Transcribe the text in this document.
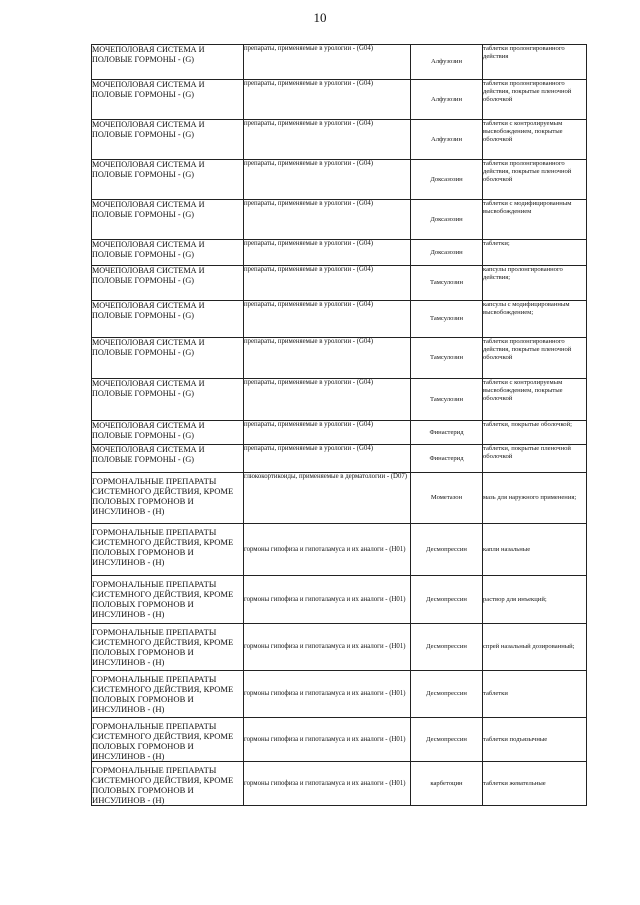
10
МОЧЕПОЛОВАЯ СИСТЕМА И ПОЛОВЫЕ ГОРМОНЫ - (G)	препараты, применяемые в урологии - (G04)	Алфузозин	таблетки пролонгированного действия
МОЧЕПОЛОВАЯ СИСТЕМА И ПОЛОВЫЕ ГОРМОНЫ - (G)	препараты, применяемые в урологии - (G04)	Алфузозин	таблетки пролонгированного действия, покрытые пленочной оболочкой
МОЧЕПОЛОВАЯ СИСТЕМА И ПОЛОВЫЕ ГОРМОНЫ - (G)	препараты, применяемые в урологии - (G04)	Алфузозин	таблетки с контролируемым высвобождением, покрытые оболочкой
МОЧЕПОЛОВАЯ СИСТЕМА И ПОЛОВЫЕ ГОРМОНЫ - (G)	препараты, применяемые в урологии - (G04)	Доксазозин	таблетки пролонгированного действия, покрытые пленочной оболочкой
МОЧЕПОЛОВАЯ СИСТЕМА И ПОЛОВЫЕ ГОРМОНЫ - (G)	препараты, применяемые в урологии - (G04)	Доксазозин	таблетки с модифицированным высвобождением
МОЧЕПОЛОВАЯ СИСТЕМА И ПОЛОВЫЕ ГОРМОНЫ - (G)	препараты, применяемые в урологии - (G04)	Доксазозин	таблетки;
МОЧЕПОЛОВАЯ СИСТЕМА И ПОЛОВЫЕ ГОРМОНЫ - (G)	препараты, применяемые в урологии - (G04)	Тамсулозин	капсулы пролонгированного действия;
МОЧЕПОЛОВАЯ СИСТЕМА И ПОЛОВЫЕ ГОРМОНЫ - (G)	препараты, применяемые в урологии - (G04)	Тамсулозин	капсулы с модифицированным высвобождением;
МОЧЕПОЛОВАЯ СИСТЕМА И ПОЛОВЫЕ ГОРМОНЫ - (G)	препараты, применяемые в урологии - (G04)	Тамсулозин	таблетки пролонгированного действия, покрытые пленочной оболочкой
МОЧЕПОЛОВАЯ СИСТЕМА И ПОЛОВЫЕ ГОРМОНЫ - (G)	препараты, применяемые в урологии - (G04)	Тамсулозин	таблетки с контролируемым высвобождением, покрытые оболочкой
МОЧЕПОЛОВАЯ СИСТЕМА И ПОЛОВЫЕ ГОРМОНЫ - (G)	препараты, применяемые в урологии - (G04)	Финастерид	таблетки, покрытые оболочкой;
МОЧЕПОЛОВАЯ СИСТЕМА И ПОЛОВЫЕ ГОРМОНЫ - (G)	препараты, применяемые в урологии - (G04)	Финастерид	таблетки, покрытые пленочной оболочкой
ГОРМОНАЛЬНЫЕ ПРЕПАРАТЫ СИСТЕМНОГО ДЕЙСТВИЯ, КРОМЕ ПОЛОВЫХ ГОРМОНОВ И ИНСУЛИНОВ - (H)	глюкокортикоиды, применяемые в дерматологии - (D07)	Мометазон	мазь для наружного применения;
ГОРМОНАЛЬНЫЕ ПРЕПАРАТЫ СИСТЕМНОГО ДЕЙСТВИЯ, КРОМЕ ПОЛОВЫХ ГОРМОНОВ И ИНСУЛИНОВ - (H)	гормоны гипофиза и гипоталамуса и их аналоги - (H01)	Десмопрессин	капли назальные
ГОРМОНАЛЬНЫЕ ПРЕПАРАТЫ СИСТЕМНОГО ДЕЙСТВИЯ, КРОМЕ ПОЛОВЫХ ГОРМОНОВ И ИНСУЛИНОВ - (H)	гормоны гипофиза и гипоталамуса и их аналоги - (H01)	Десмопрессин	раствор для инъекций;
ГОРМОНАЛЬНЫЕ ПРЕПАРАТЫ СИСТЕМНОГО ДЕЙСТВИЯ, КРОМЕ ПОЛОВЫХ ГОРМОНОВ И ИНСУЛИНОВ - (H)	гормоны гипофиза и гипоталамуса и их аналоги - (H01)	Десмопрессин	спрей назальный дозированный;
ГОРМОНАЛЬНЫЕ ПРЕПАРАТЫ СИСТЕМНОГО ДЕЙСТВИЯ, КРОМЕ ПОЛОВЫХ ГОРМОНОВ И ИНСУЛИНОВ - (H)	гормоны гипофиза и гипоталамуса и их аналоги - (H01)	Десмопрессин	таблетки
ГОРМОНАЛЬНЫЕ ПРЕПАРАТЫ СИСТЕМНОГО ДЕЙСТВИЯ, КРОМЕ ПОЛОВЫХ ГОРМОНОВ И ИНСУЛИНОВ - (H)	гормоны гипофиза и гипоталамуса и их аналоги - (H01)	Десмопрессин	таблетки подъязычные
ГОРМОНАЛЬНЫЕ ПРЕПАРАТЫ СИСТЕМНОГО ДЕЙСТВИЯ, КРОМЕ ПОЛОВЫХ ГОРМОНОВ И ИНСУЛИНОВ - (H)	гормоны гипофиза и гипоталамуса и их аналоги - (H01)	карбетоцин	таблетки жевательные
